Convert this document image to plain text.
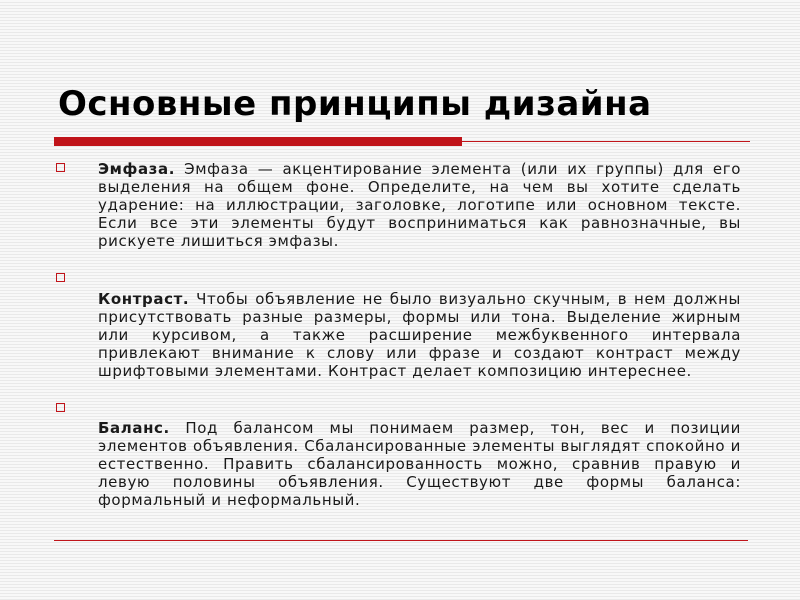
Основные принципы дизайна

Эмфаза. Эмфаза — акцентирование элемента (или их группы) для его выделения на общем фоне. Определите, на чем вы хотите сделать ударение: на иллюстрации, заголовке, логотипе или основном тексте. Если все эти элементы будут восприниматься как равнозначные, вы рискуете лишиться эмфазы.

Контраст. Чтобы объявление не было визуально скучным, в нем должны присутствовать разные размеры, формы или тона. Выделение жирным или курсивом, а также расширение межбуквенного интервала привлекают внимание к слову или фразе и создают контраст между шрифтовыми элементами. Контраст делает композицию интереснее.

Баланс. Под балансом мы понимаем размер, тон, вес и позиции элементов объявления. Сбалансированные элементы выглядят спокойно и естественно. Править сбалансированность можно, сравнив правую и левую половины объявления. Существуют две формы баланса: формальный и неформальный.
